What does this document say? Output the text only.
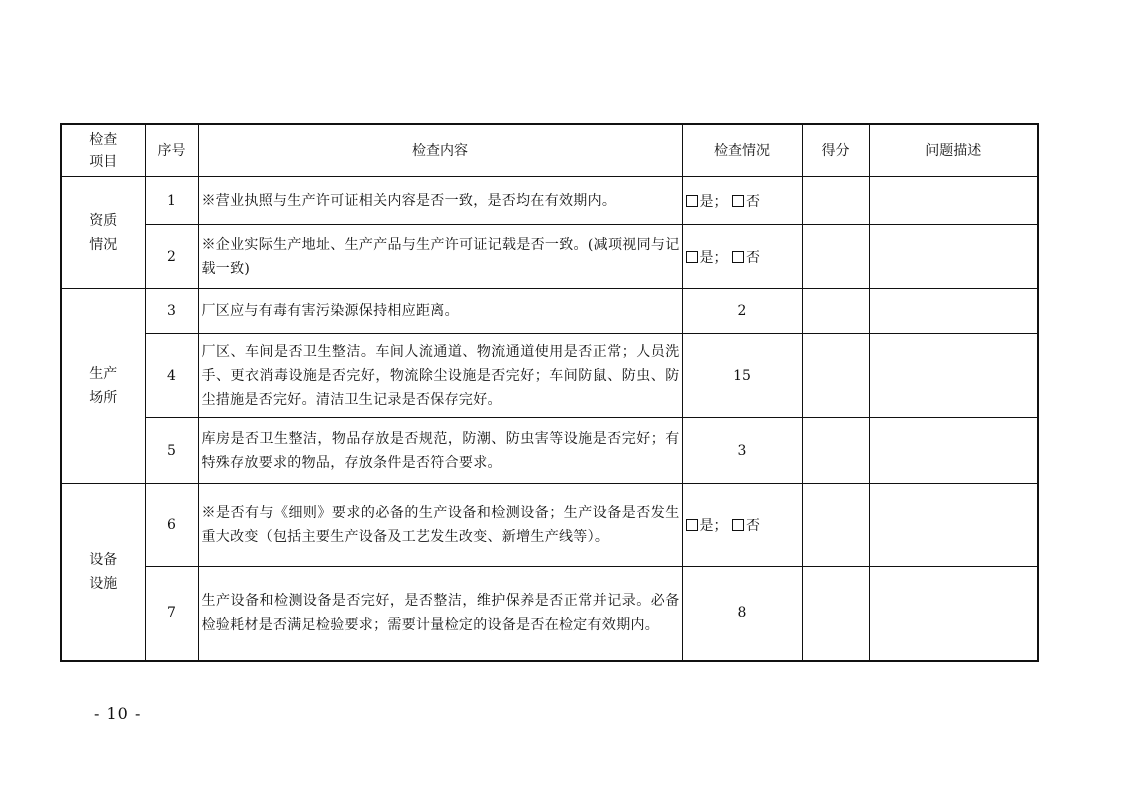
检查
项目	序号	检查内容	检查情况	得分	问题描述

资质
情况	1	※营业执照与生产许可证相关内容是否一致，是否均在有效期内。	是； 否		
	2	※企业实际生产地址、生产产品与生产许可证记载是否一致。(减项视同与记载一致)	是； 否		

生产
场所	3	厂区应与有毒有害污染源保持相应距离。	2		
	4	厂区、车间是否卫生整洁。车间人流通道、物流通道使用是否正常；人员洗手、更衣消毒设施是否完好，物流除尘设施是否完好；车间防鼠、防虫、防尘措施是否完好。清洁卫生记录是否保存完好。	15		
	5	库房是否卫生整洁，物品存放是否规范，防潮、防虫害等设施是否完好；有特殊存放要求的物品，存放条件是否符合要求。	3		

设备
设施	6	※是否有与《细则》要求的必备的生产设备和检测设备；生产设备是否发生重大改变（包括主要生产设备及工艺发生改变、新增生产线等）。	是； 否		
	7	生产设备和检测设备是否完好，是否整洁，维护保养是否正常并记录。必备检验耗材是否满足检验要求；需要计量检定的设备是否在检定有效期内。	8		
- 10 -
